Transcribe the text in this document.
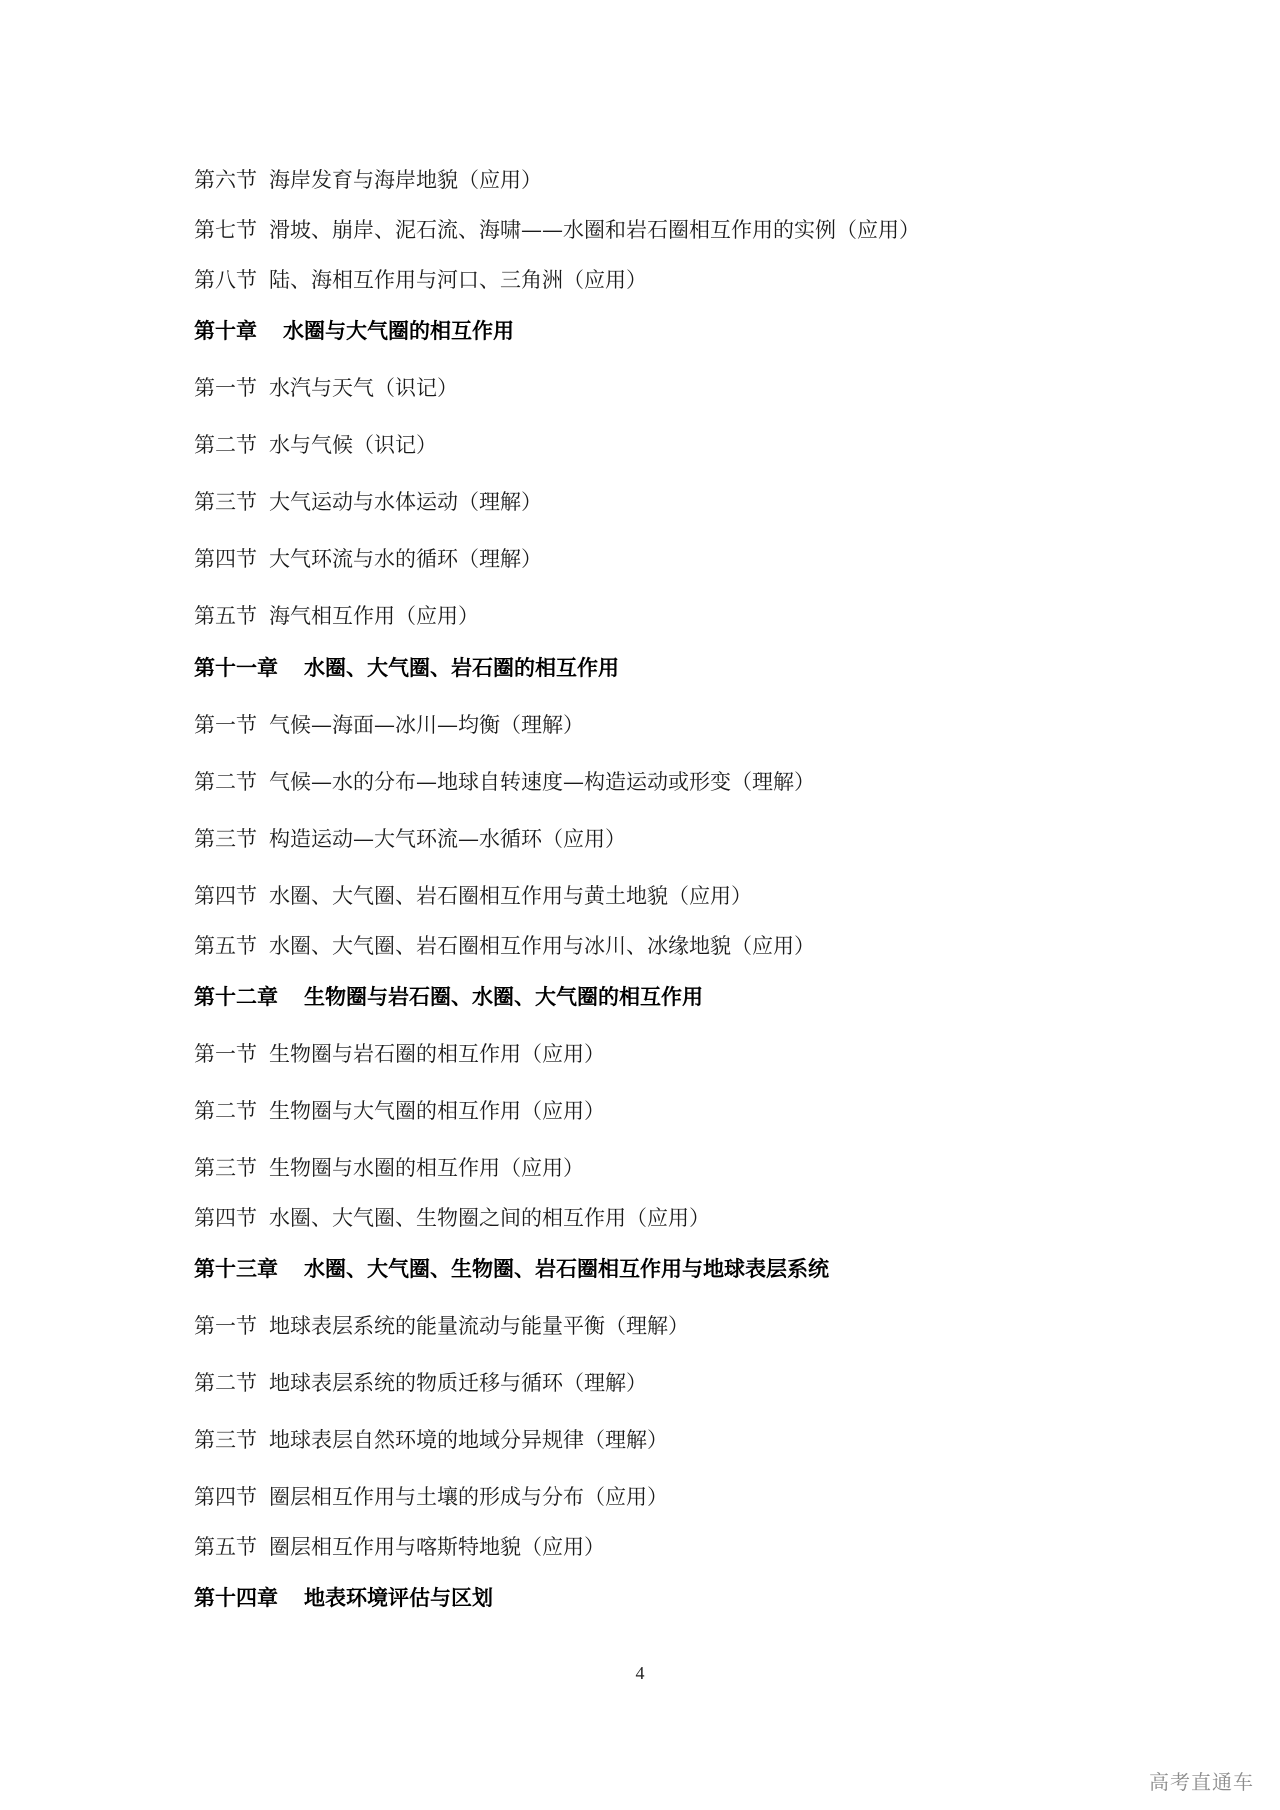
第六节 海岸发育与海岸地貌（应用）
第七节 滑坡、崩岸、泥石流、海啸——水圈和岩石圈相互作用的实例（应用）
第八节 陆、海相互作用与河口、三角洲（应用）
第十章 水圈与大气圈的相互作用
第一节 水汽与天气（识记）
第二节 水与气候（识记）
第三节 大气运动与水体运动（理解）
第四节 大气环流与水的循环（理解）
第五节 海气相互作用（应用）
第十一章 水圈、大气圈、岩石圈的相互作用
第一节 气候—海面—冰川—均衡（理解）
第二节 气候—水的分布—地球自转速度—构造运动或形变（理解）
第三节 构造运动—大气环流—水循环（应用）
第四节 水圈、大气圈、岩石圈相互作用与黄土地貌（应用）
第五节 水圈、大气圈、岩石圈相互作用与冰川、冰缘地貌（应用）
第十二章 生物圈与岩石圈、水圈、大气圈的相互作用
第一节 生物圈与岩石圈的相互作用（应用）
第二节 生物圈与大气圈的相互作用（应用）
第三节 生物圈与水圈的相互作用（应用）
第四节 水圈、大气圈、生物圈之间的相互作用（应用）
第十三章 水圈、大气圈、生物圈、岩石圈相互作用与地球表层系统
第一节 地球表层系统的能量流动与能量平衡（理解）
第二节 地球表层系统的物质迁移与循环（理解）
第三节 地球表层自然环境的地域分异规律（理解）
第四节 圈层相互作用与土壤的形成与分布（应用）
第五节 圈层相互作用与喀斯特地貌（应用）
第十四章 地表环境评估与区划
4
高考直通车
